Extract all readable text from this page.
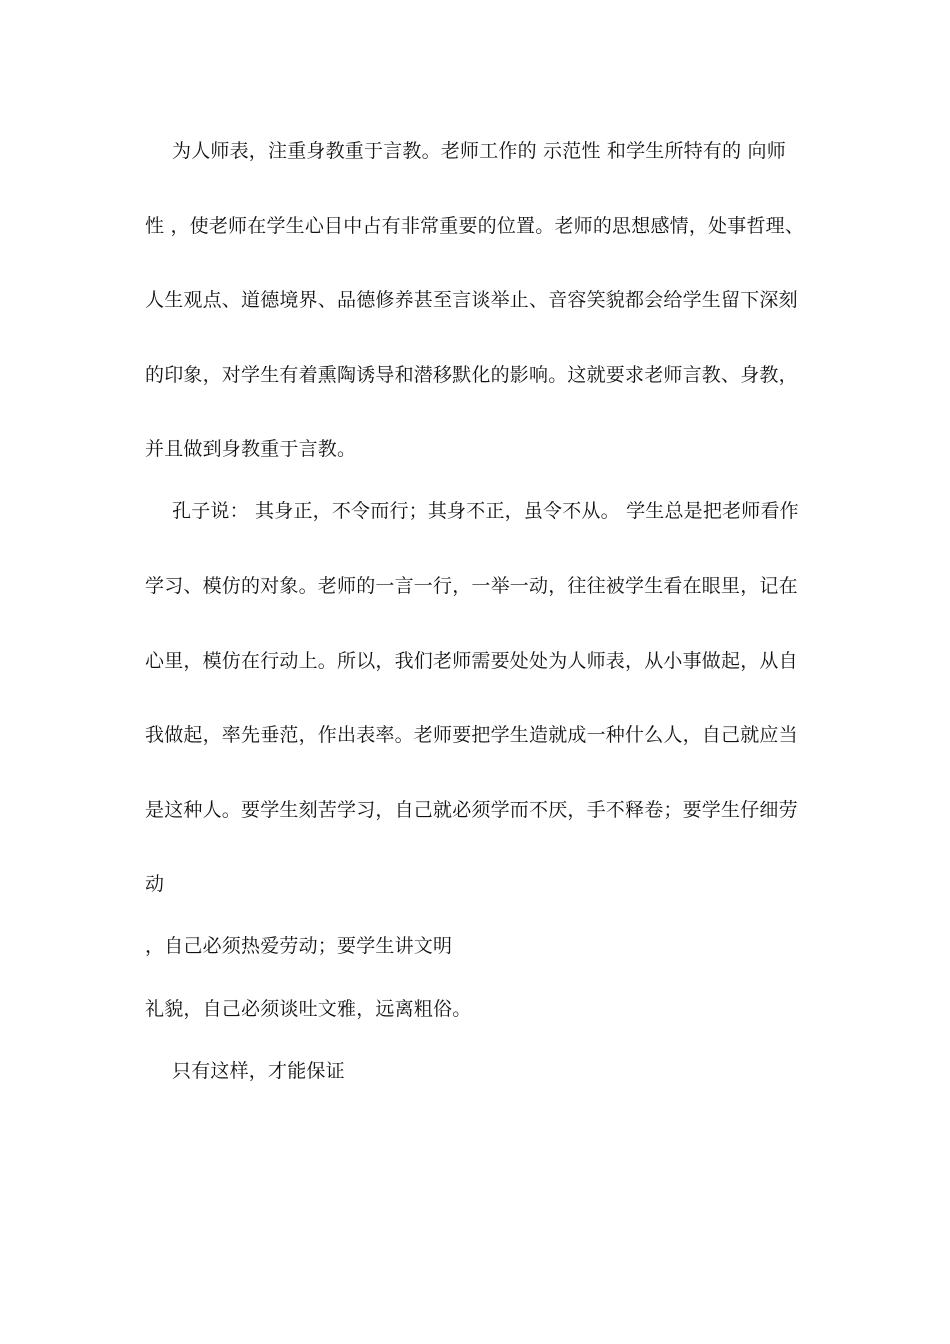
为人师表，注重身教重于言教。老师工作的 示范性 和学生所特有的 向师
性 ，使老师在学生心目中占有非常重要的位置。老师的思想感情，处事哲理、
人生观点、道德境界、品德修养甚至言谈举止、音容笑貌都会给学生留下深刻
的印象，对学生有着熏陶诱导和潜移默化的影响。这就要求老师言教、身教，
并且做到身教重于言教。
孔子说： 其身正，不令而行；其身不正，虽令不从。 学生总是把老师看作
学习、模仿的对象。老师的一言一行，一举一动，往往被学生看在眼里，记在
心里，模仿在行动上。所以，我们老师需要处处为人师表，从小事做起，从自
我做起，率先垂范，作出表率。老师要把学生造就成一种什么人，自己就应当
是这种人。要学生刻苦学习，自己就必须学而不厌，手不释卷；要学生仔细劳
动
，自己必须热爱劳动；要学生讲文明
礼貌，自己必须谈吐文雅，远离粗俗。
只有这样，才能保证
